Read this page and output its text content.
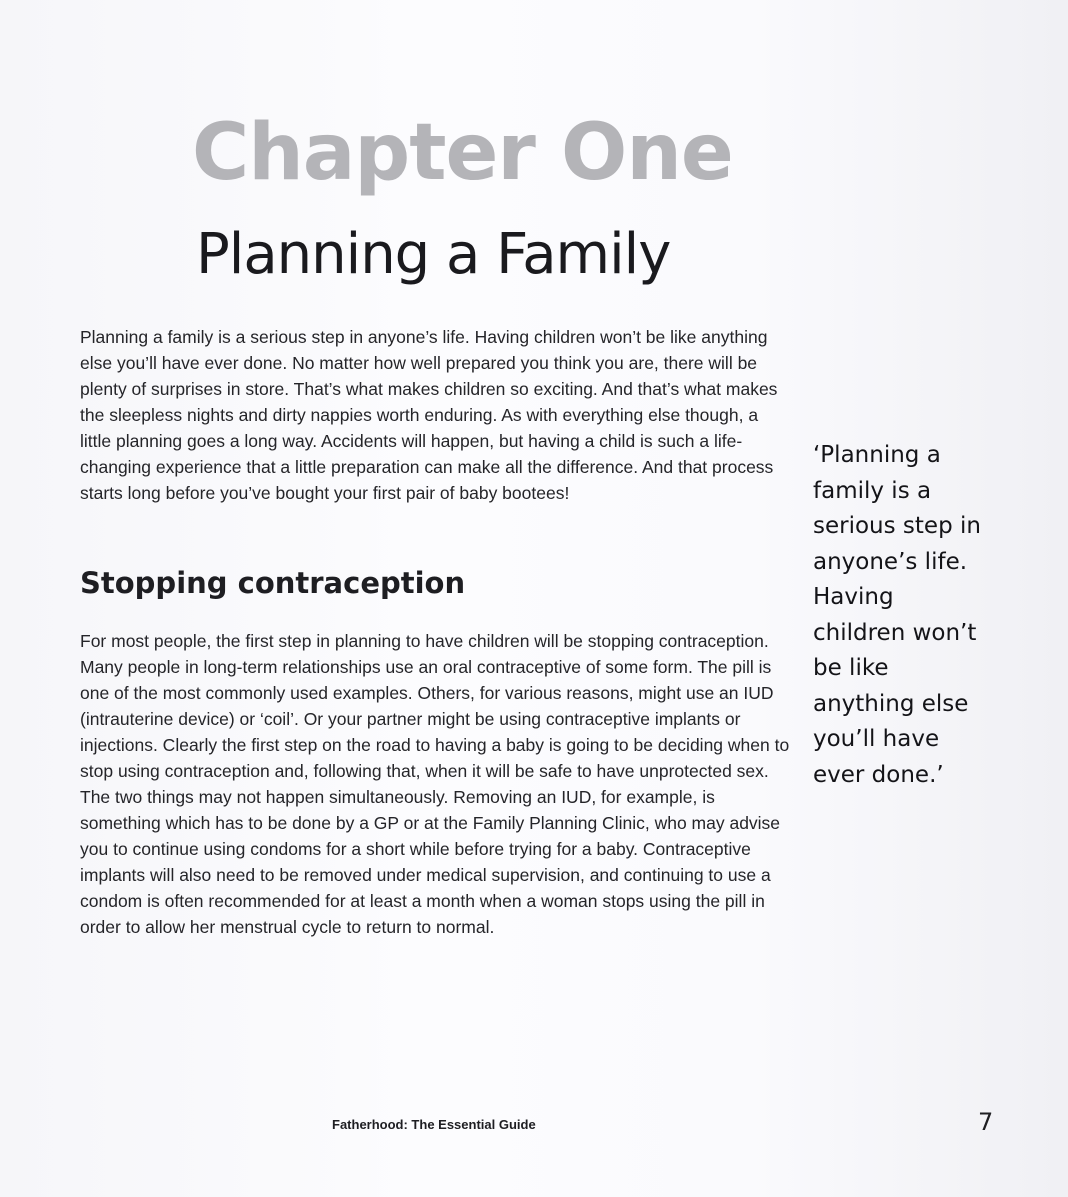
Chapter One
Planning a Family

Planning a family is a serious step in anyone’s life. Having children won’t be like anything else you’ll have ever done. No matter how well prepared you think you are, there will be plenty of surprises in store. That’s what makes children so exciting. And that’s what makes the sleepless nights and dirty nappies worth enduring. As with everything else though, a little planning goes a long way. Accidents will happen, but having a child is such a life-changing experience that a little preparation can make all the difference. And that process starts long before you’ve bought your first pair of baby bootees!

Stopping contraception

For most people, the first step in planning to have children will be stopping contraception. Many people in long-term relationships use an oral contraceptive of some form. The pill is one of the most commonly used examples. Others, for various reasons, might use an IUD (intrauterine device) or ‘coil’. Or your partner might be using contraceptive implants or injections. Clearly the first step on the road to having a baby is going to be deciding when to stop using contraception and, following that, when it will be safe to have unprotected sex. The two things may not happen simultaneously. Removing an IUD, for example, is something which has to be done by a GP or at the Family Planning Clinic, who may advise you to continue using condoms for a short while before trying for a baby. Contraceptive implants will also need to be removed under medical supervision, and continuing to use a condom is often recommended for at least a month when a woman stops using the pill in order to allow her menstrual cycle to return to normal.

‘Planning a family is a serious step in anyone’s life. Having children won’t be like anything else you’ll have ever done.’

Fatherhood: The Essential Guide	7
